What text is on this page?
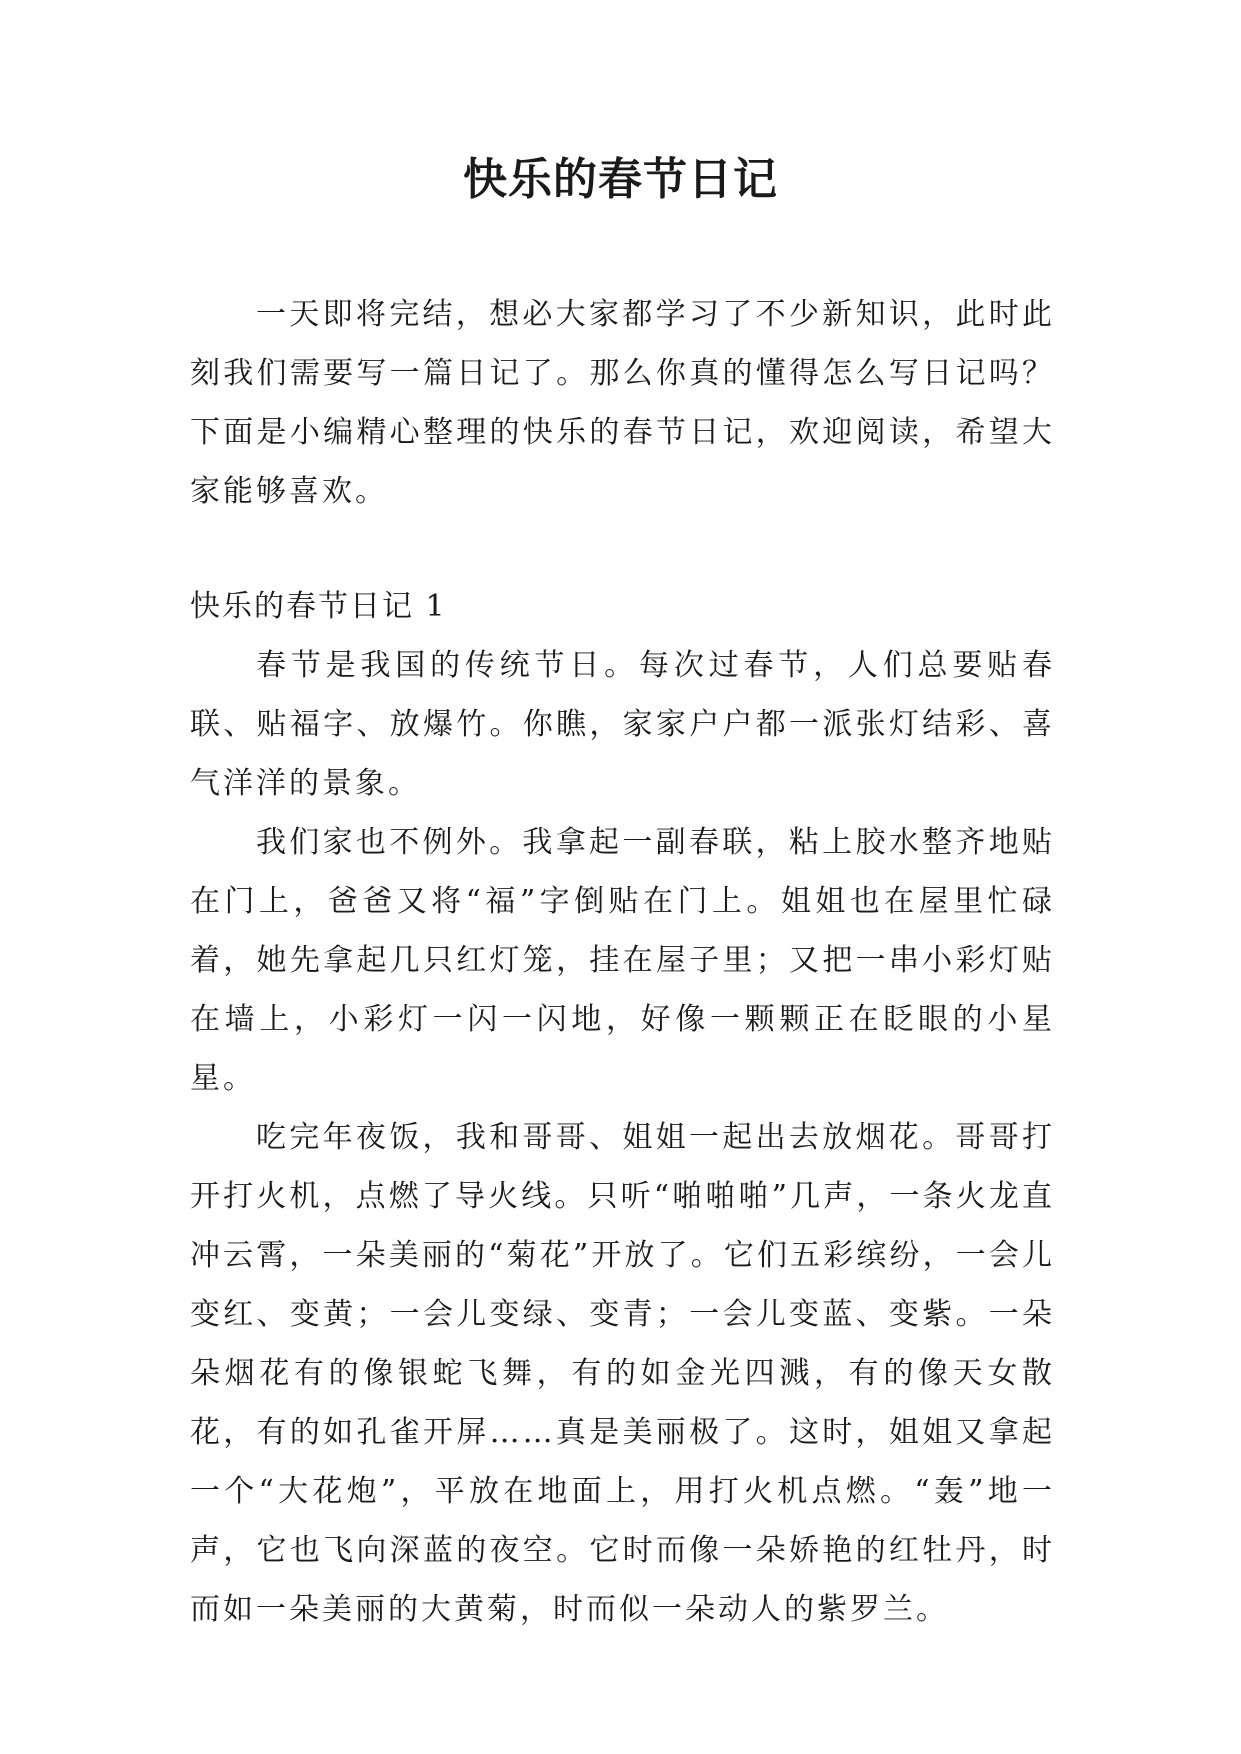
快乐的春节日记

一天即将完结，想必大家都学习了不少新知识，此时此刻我们需要写一篇日记了。那么你真的懂得怎么写日记吗？下面是小编精心整理的快乐的春节日记，欢迎阅读，希望大家能够喜欢。

快乐的春节日记 1

春节是我国的传统节日。每次过春节，人们总要贴春联、贴福字、放爆竹。你瞧，家家户户都一派张灯结彩、喜气洋洋的景象。

我们家也不例外。我拿起一副春联，粘上胶水整齐地贴在门上，爸爸又将“福”字倒贴在门上。姐姐也在屋里忙碌着，她先拿起几只红灯笼，挂在屋子里；又把一串小彩灯贴在墙上，小彩灯一闪一闪地，好像一颗颗正在眨眼的小星星。

吃完年夜饭，我和哥哥、姐姐一起出去放烟花。哥哥打开打火机，点燃了导火线。只听“啪啪啪”几声，一条火龙直冲云霄，一朵美丽的“菊花”开放了。它们五彩缤纷，一会儿变红、变黄；一会儿变绿、变青；一会儿变蓝、变紫。一朵朵烟花有的像银蛇飞舞，有的如金光四溅，有的像天女散花，有的如孔雀开屏……真是美丽极了。这时，姐姐又拿起一个“大花炮”，平放在地面上，用打火机点燃。“轰”地一声，它也飞向深蓝的夜空。它时而像一朵娇艳的红牡丹，时而如一朵美丽的大黄菊，时而似一朵动人的紫罗兰。
